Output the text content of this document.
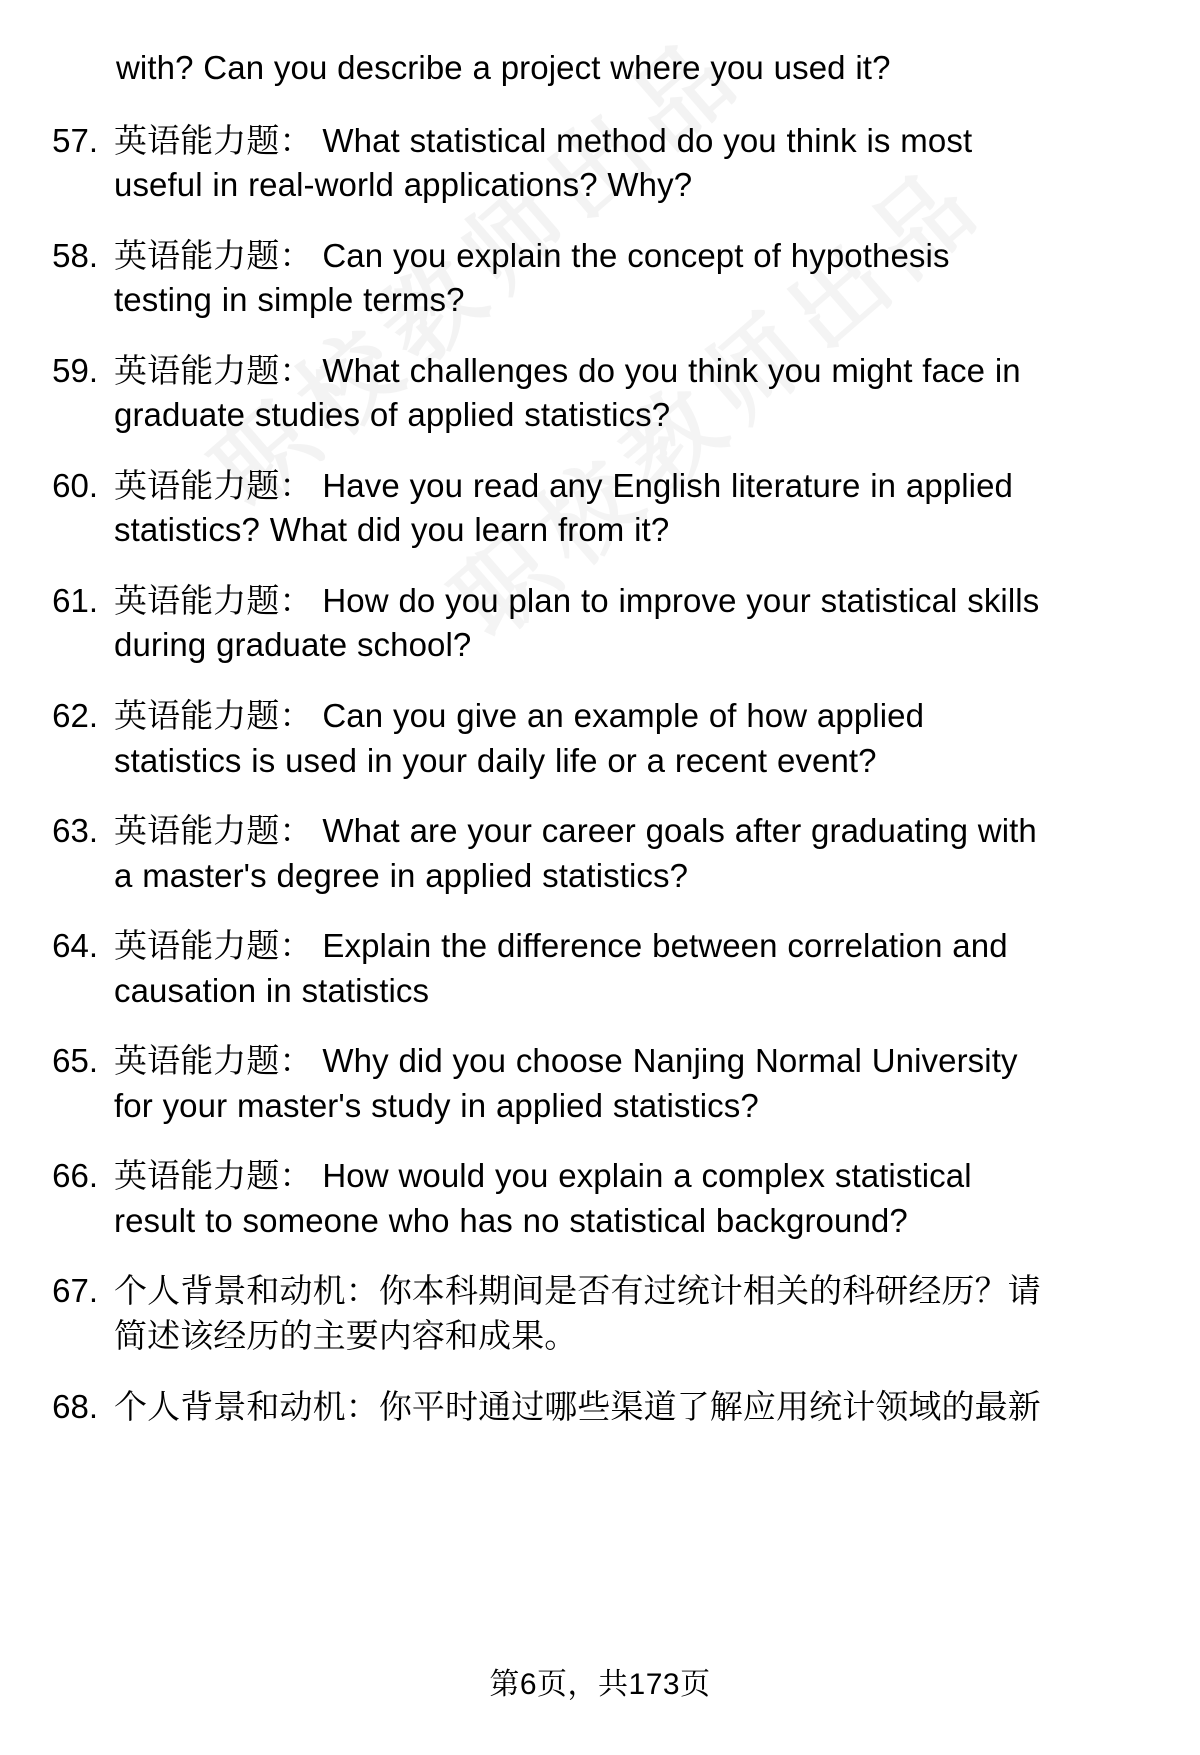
with? Can you describe a project where you used it?

57. 英语能力题： What statistical method do you think is most useful in real-world applications? Why?
58. 英语能力题： Can you explain the concept of hypothesis testing in simple terms?
59. 英语能力题： What challenges do you think you might face in graduate studies of applied statistics?
60. 英语能力题： Have you read any English literature in applied statistics? What did you learn from it?
61. 英语能力题： How do you plan to improve your statistical skills during graduate school?
62. 英语能力题： Can you give an example of how applied statistics is used in your daily life or a recent event?
63. 英语能力题： What are your career goals after graduating with a master's degree in applied statistics?
64. 英语能力题： Explain the difference between correlation and causation in statistics
65. 英语能力题： Why did you choose Nanjing Normal University for your master's study in applied statistics?
66. 英语能力题： How would you explain a complex statistical result to someone who has no statistical background?
67. 个人背景和动机：你本科期间是否有过统计相关的科研经历？请简述该经历的主要内容和成果。
68. 个人背景和动机：你平时通过哪些渠道了解应用统计领域的最新
第6页，共173页
